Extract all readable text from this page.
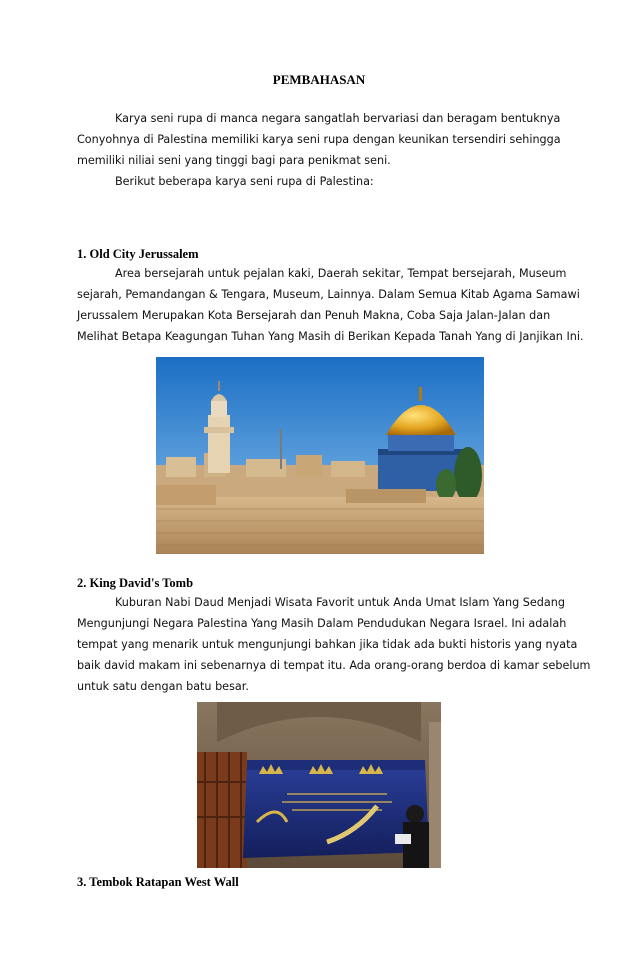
PEMBAHASAN
Karya seni rupa di manca negara sangatlah bervariasi dan beragam bentuknya
Conyohnya di Palestina memiliki karya seni rupa dengan keunikan tersendiri sehingga
memiliki niliai seni yang tinggi bagi para penikmat seni.
Berikut beberapa karya seni rupa di Palestina:
1. Old City Jerussalem
Area bersejarah untuk pejalan kaki, Daerah sekitar, Tempat bersejarah, Museum
sejarah, Pemandangan & Tengara, Museum, Lainnya. Dalam Semua Kitab Agama Samawi
Jerussalem Merupakan Kota Bersejarah dan Penuh Makna, Coba Saja Jalan-Jalan dan
Melihat Betapa Keagungan Tuhan Yang Masih di Berikan Kepada Tanah Yang di Janjikan Ini.
2. King David's Tomb
Kuburan Nabi Daud Menjadi Wisata Favorit untuk Anda Umat Islam Yang Sedang
Mengunjungi Negara Palestina Yang Masih Dalam Pendudukan Negara Israel. Ini adalah
tempat yang menarik untuk mengunjungi bahkan jika tidak ada bukti historis yang nyata
baik david makam ini sebenarnya di tempat itu. Ada orang-orang berdoa di kamar sebelum
untuk satu dengan batu besar.
3. Tembok Ratapan West Wall
